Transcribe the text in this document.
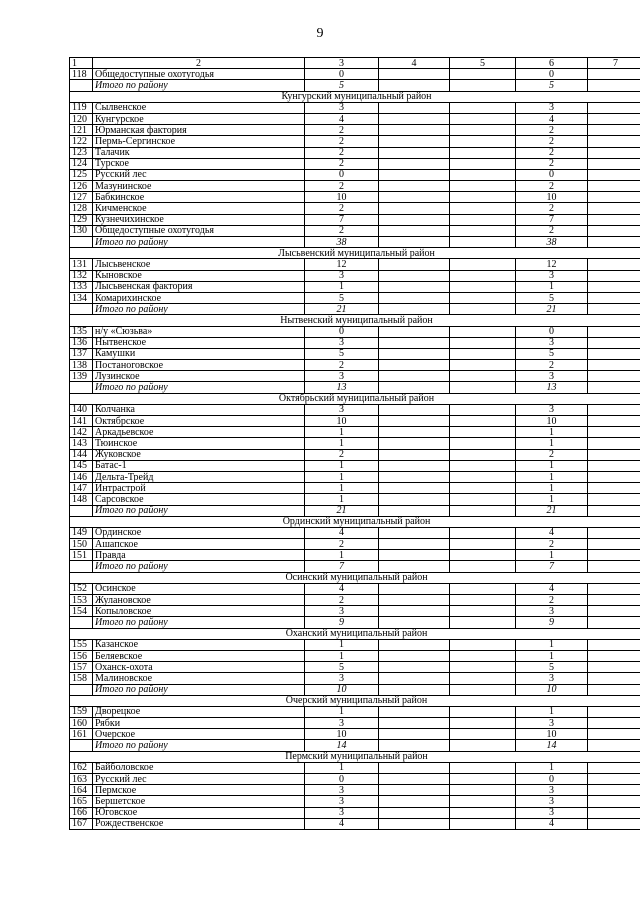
9
1	2	3	4	5	6	7
118	Общедоступные охотугодья	0			0	
	Итого по району	5			5	
Кунгурский муниципальный район						
119	Сылвенское	3			3	
120	Кунгурское	4			4	
121	Юрманская фактория	2			2	
122	Пермь-Сергинское	2			2	
123	Талачик	2			2	
124	Турское	2			2	
125	Русский лес	0			0	
126	Мазунинское	2			2	
127	Бабкинское	10			10	
128	Кичменское	2			2	
129	Кузнечихинское	7			7	
130	Общедоступные охотугодья	2			2	
	Итого по району	38			38	
Лысьвенский муниципальный район						
131	Лысьвенское	12			12	
132	Кыновское	3			3	
133	Лысьвенская фактория	1			1	
134	Комарихинское	5			5	
	Итого по району	21			21	
Нытвенский муниципальный район						
135	н/у «Сюзьва»	0			0	
136	Нытвенское	3			3	
137	Камушки	5			5	
138	Постаноговское	2			2	
139	Лузинское	3			3	
	Итого по району	13			13	
Октябрьский муниципальный район						
140	Колчанка	3			3	
141	Октябрское	10			10	
142	Аркадьевское	1			1	
143	Тюинское	1			1	
144	Жуковское	2			2	
145	Батас-1	1			1	
146	Дельта-Трейд	1			1	
147	Интрастрой	1			1	
148	Сарсовское	1			1	
	Итого по району	21			21	
Ординский муниципальный район						
149	Ординское	4			4	
150	Ашапское	2			2	
151	Правда	1			1	
	Итого по району	7			7	
Осинский муниципальный район						
152	Осинское	4			4	
153	Жулановское	2			2	
154	Копыловское	3			3	
	Итого по району	9			9	
Оханский муниципальный район						
155	Казанское	1			1	
156	Беляевское	1			1	
157	Оханск-охота	5			5	
158	Малиновское	3			3	
	Итого по району	10			10	
Очерский муниципальный район						
159	Дворецкое	1			1	
160	Рябки	3			3	
161	Очерское	10			10	
	Итого по району	14			14	
Пермский муниципальный район						
162	Байболовское	1			1	
163	Русский лес	0			0	
164	Пермское	3			3	
165	Бершетское	3			3	
166	Юговское	3			3	
167	Рождественское	4			4	
